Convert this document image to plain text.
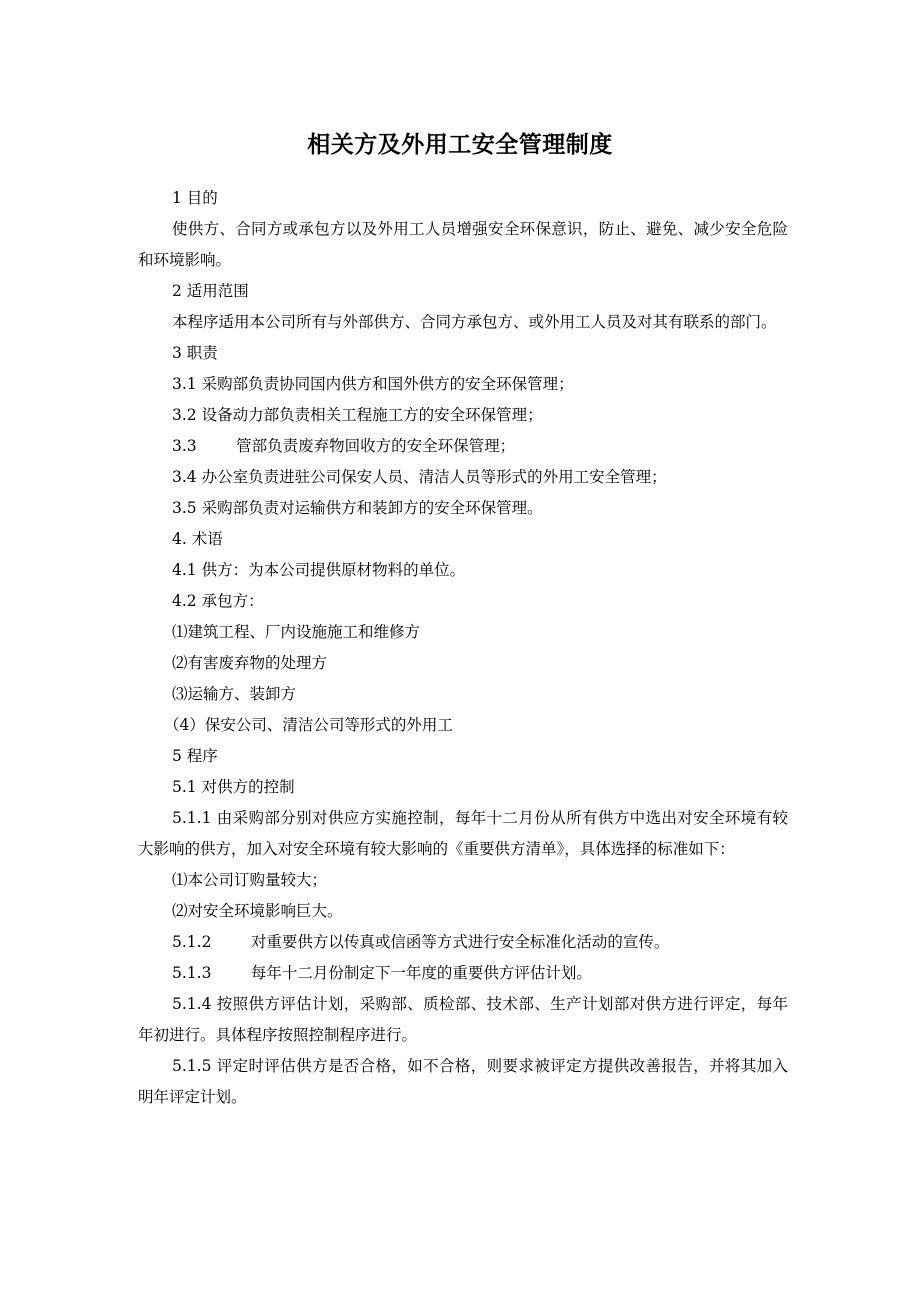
相关方及外用工安全管理制度

1 目的

使供方、合同方或承包方以及外用工人员增强安全环保意识，防止、避免、减少安全危险和环境影响。

2 适用范围

本程序适用本公司所有与外部供方、合同方承包方、或外用工人员及对其有联系的部门。

3 职责

3.1 采购部负责协同国内供方和国外供方的安全环保管理；

3.2 设备动力部负责相关工程施工方的安全环保管理；

3.3        管部负责废弃物回收方的安全环保管理；

3.4 办公室负责进驻公司保安人员、清洁人员等形式的外用工安全管理；

3.5 采购部负责对运输供方和装卸方的安全环保管理。

4. 术语

4.1 供方：为本公司提供原材物料的单位。

4.2 承包方：

⑴建筑工程、厂内设施施工和维修方

⑵有害废弃物的处理方

⑶运输方、装卸方

（4）保安公司、清洁公司等形式的外用工

5 程序

5.1 对供方的控制

5.1.1 由采购部分别对供应方实施控制，每年十二月份从所有供方中选出对安全环境有较大影响的供方，加入对安全环境有较大影响的《重要供方清单》，具体选择的标准如下：

⑴本公司订购量较大；

⑵对安全环境影响巨大。

5.1.2        对重要供方以传真或信函等方式进行安全标准化活动的宣传。

5.1.3        每年十二月份制定下一年度的重要供方评估计划。

5.1.4 按照供方评估计划，采购部、质检部、技术部、生产计划部对供方进行评定，每年年初进行。具体程序按照控制程序进行。

5.1.5 评定时评估供方是否合格，如不合格，则要求被评定方提供改善报告，并将其加入明年评定计划。
